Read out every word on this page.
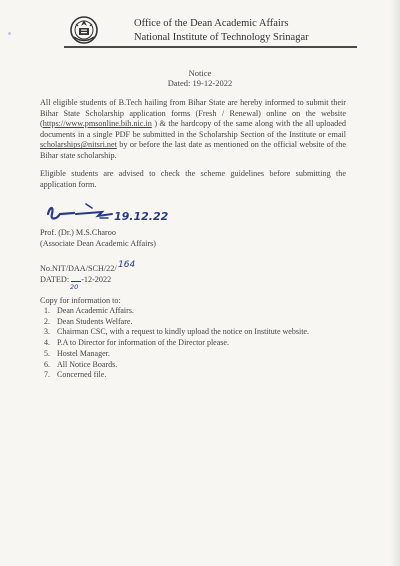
Office of the Dean Academic Affairs
National Institute of Technology Srinagar
Notice
Dated: 19-12-2022
All eligible students of B.Tech hailing from Bihar State are hereby informed to submit their Bihar State Scholarship application forms (Fresh / Renewal) online on the website (https://www.pmsonline.bih.nic.in ) & the hardcopy of the same along with the all uploaded documents in a single PDF be submitted in the Scholarship Section of the Institute or email scholarships@nitsri.net by or before the last date as mentioned on the official website of the Bihar state scholarship.
Eligible students are advised to check the scheme guidelines before submitting the application form.
19.12.22
Prof. (Dr.) M.S.Charoo
(Associate Dean Academic Affairs)
No.NIT/DAA/SCH/22/ 164
DATED: -12-2022
20
Copy for information to:
1. Dean Academic Affairs.
2. Dean Students Welfare.
3. Chairman CSC, with a request to kindly upload the notice on Institute website.
4. P.A to Director for information of the Director please.
5. Hostel Manager.
6. All Notice Boards.
7. Concerned file.
